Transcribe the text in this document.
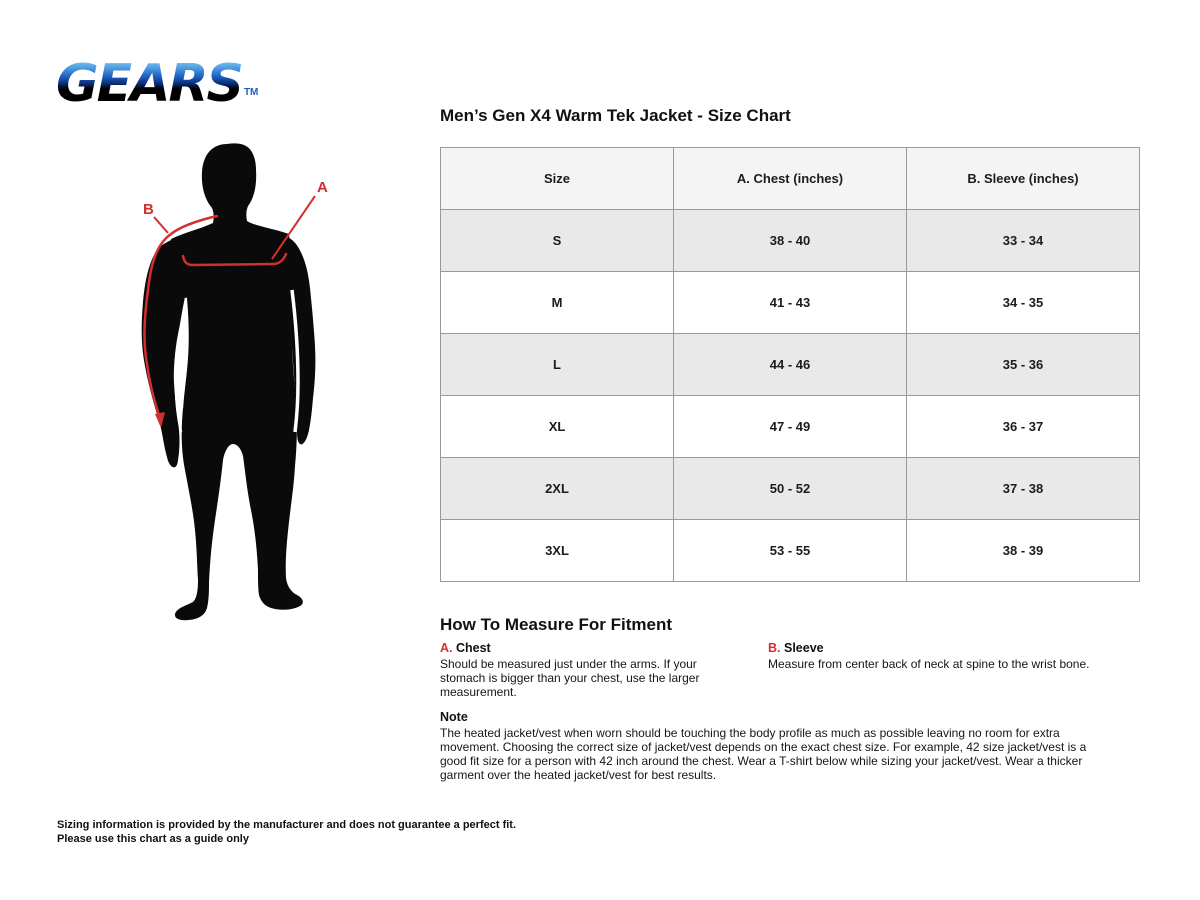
GEARS ™
A
B
Men’s Gen X4 Warm Tek Jacket - Size Chart
Size	A. Chest (inches)	B. Sleeve (inches)
S	38 - 40	33 - 34
M	41 - 43	34 - 35
L	44 - 46	35 - 36
XL	47 - 49	36 - 37
2XL	50 - 52	37 - 38
3XL	53 - 55	38 - 39
How To Measure For Fitment
A. Chest
Should be measured just under the arms. If your stomach is bigger than your chest, use the larger measurement.
B. Sleeve
Measure from center back of neck at spine to the wrist bone.
Note
The heated jacket/vest when worn should be touching the body profile as much as possible leaving no room for extra movement. Choosing the correct size of jacket/vest depends on the exact chest size. For example, 42 size jacket/vest is a good fit size for a person with 42 inch around the chest. Wear a T-shirt below while sizing your jacket/vest. Wear a thicker garment over the heated jacket/vest for best results.
Sizing information is provided by the manufacturer and does not guarantee a perfect fit.
Please use this chart as a guide only
